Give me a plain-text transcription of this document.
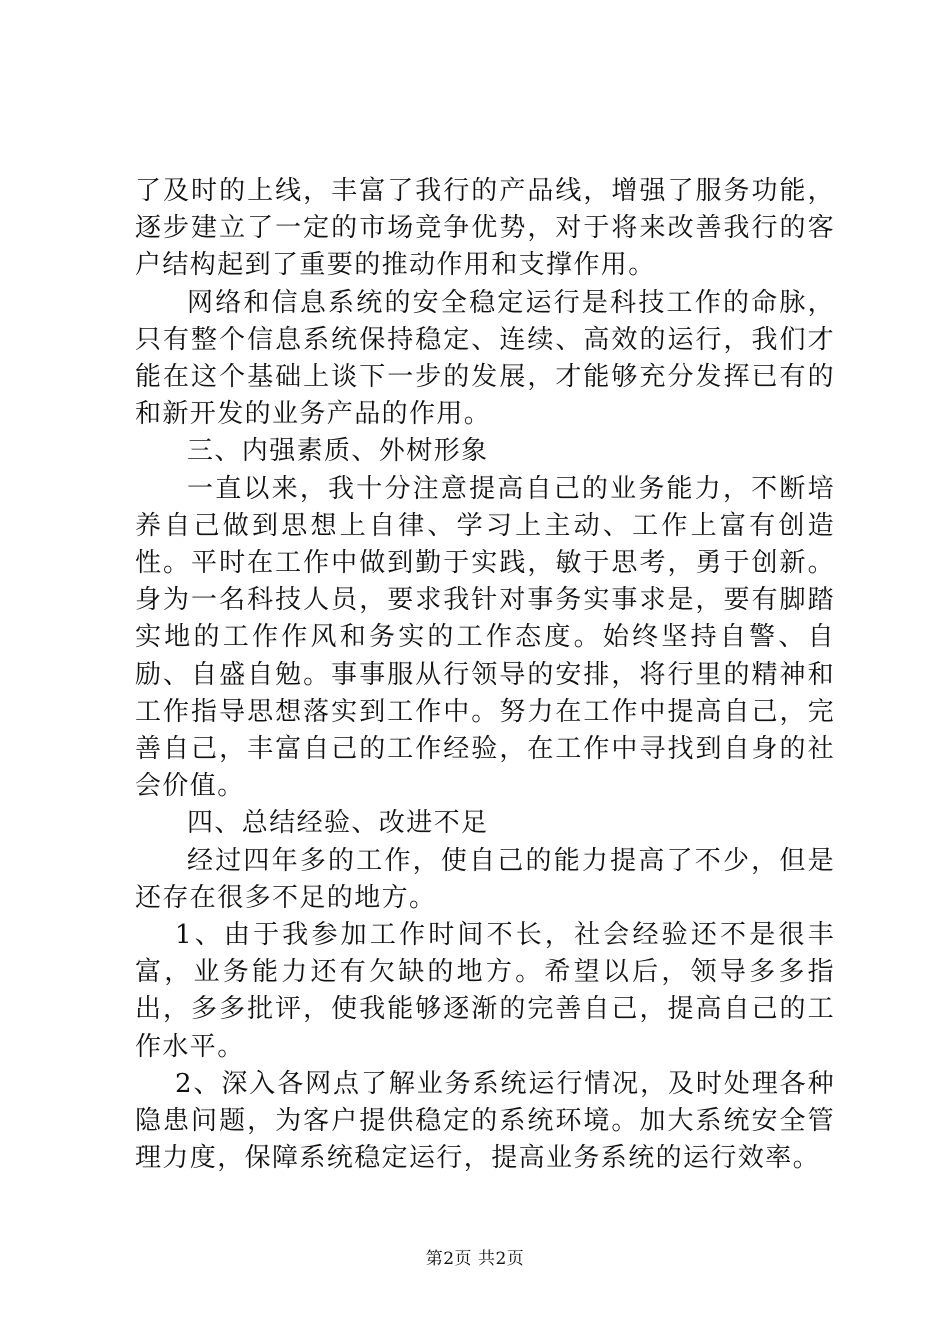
了及时的上线，丰富了我行的产品线，增强了服务功能，逐步建立了一定的市场竞争优势，对于将来改善我行的客户结构起到了重要的推动作用和支撑作用。

网络和信息系统的安全稳定运行是科技工作的命脉，只有整个信息系统保持稳定、连续、高效的运行，我们才能在这个基础上谈下一步的发展，才能够充分发挥已有的和新开发的业务产品的作用。

三、内强素质、外树形象

一直以来，我十分注意提高自己的业务能力，不断培养自己做到思想上自律、学习上主动、工作上富有创造性。平时在工作中做到勤于实践，敏于思考，勇于创新。身为一名科技人员，要求我针对事务实事求是，要有脚踏实地的工作作风和务实的工作态度。始终坚持自警、自励、自盛自勉。事事服从行领导的安排，将行里的精神和工作指导思想落实到工作中。努力在工作中提高自己，完善自己，丰富自己的工作经验，在工作中寻找到自身的社会价值。

四、总结经验、改进不足

经过四年多的工作，使自己的能力提高了不少，但是还存在很多不足的地方。

1、由于我参加工作时间不长，社会经验还不是很丰富，业务能力还有欠缺的地方。希望以后，领导多多指出，多多批评，使我能够逐渐的完善自己，提高自己的工作水平。

2、深入各网点了解业务系统运行情况，及时处理各种隐患问题，为客户提供稳定的系统环境。加大系统安全管理力度，保障系统稳定运行，提高业务系统的运行效率。

第2页 共2页
